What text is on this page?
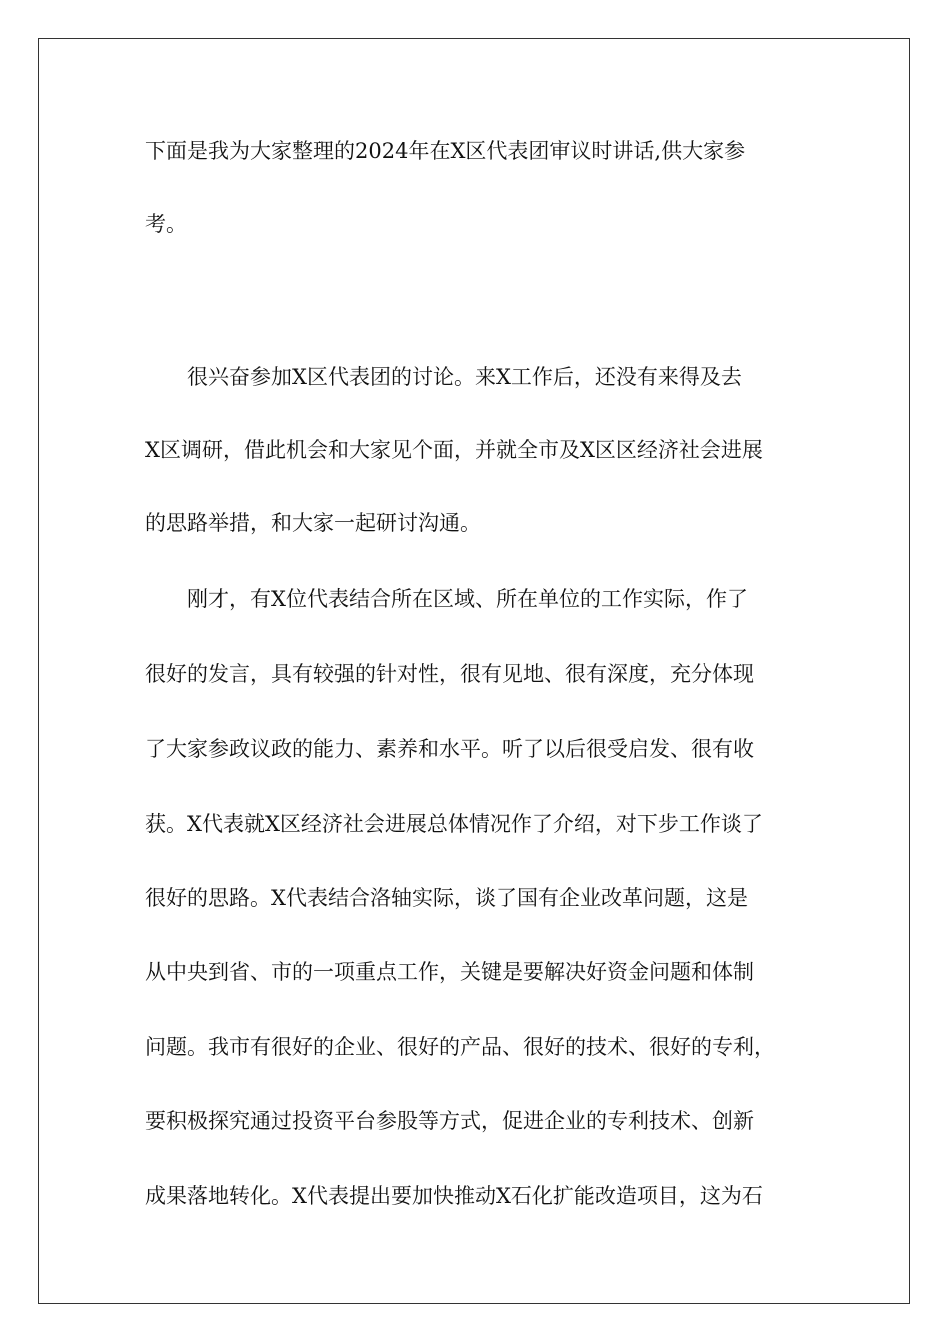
下面是我为大家整理的2024年在X区代表团审议时讲话,供大家参
考。
　　很兴奋参加X区代表团的讨论。来X工作后，还没有来得及去
X区调研，借此机会和大家见个面，并就全市及X区区经济社会进展
的思路举措，和大家一起研讨沟通。
　　刚才，有X位代表结合所在区域、所在单位的工作实际，作了
很好的发言，具有较强的针对性，很有见地、很有深度，充分体现
了大家参政议政的能力、素养和水平。听了以后很受启发、很有收
获。X代表就X区经济社会进展总体情况作了介绍，对下步工作谈了
很好的思路。X代表结合洛轴实际，谈了国有企业改革问题，这是
从中央到省、市的一项重点工作，关键是要解决好资金问题和体制
问题。我市有很好的企业、很好的产品、很好的技术、很好的专利，
要积极探究通过投资平台参股等方式，促进企业的专利技术、创新
成果落地转化。X代表提出要加快推动X石化扩能改造项目，这为石
